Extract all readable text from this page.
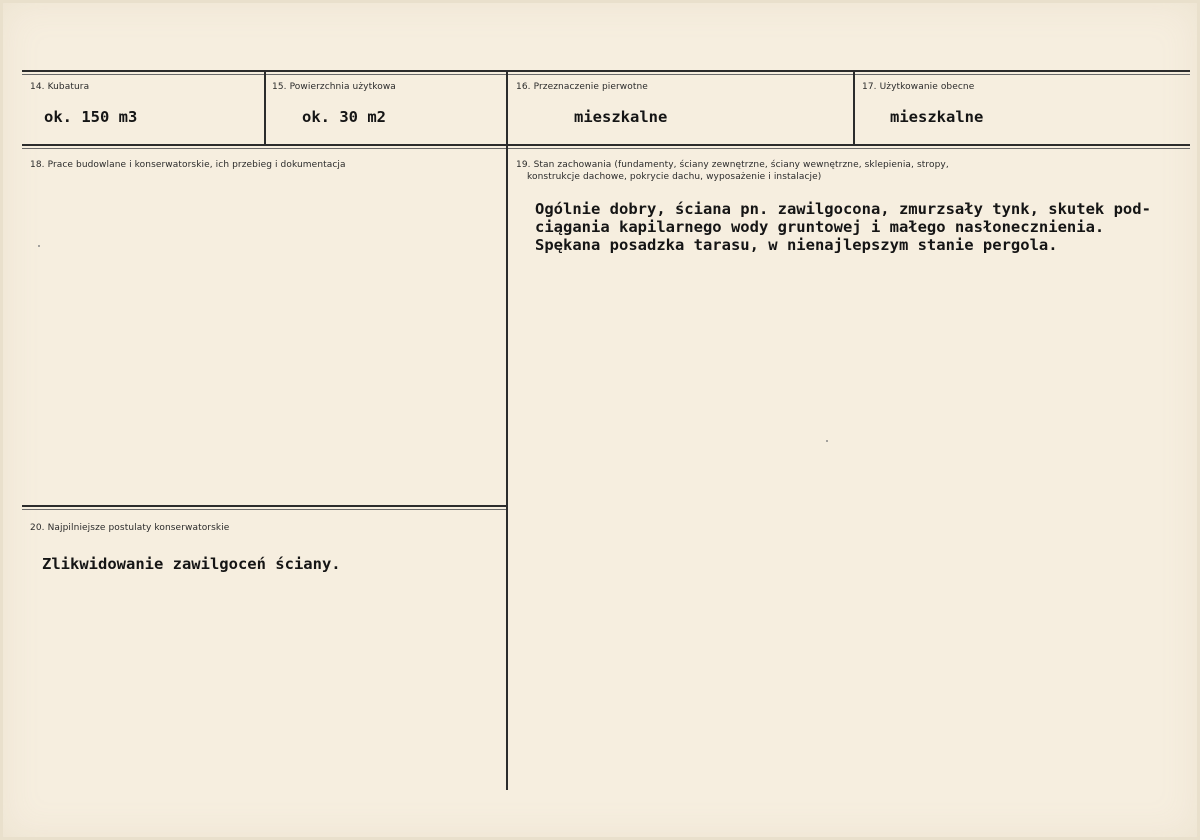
14. Kubatura
ok. 150 m3
15. Powierzchnia użytkowa
ok. 30 m2
16. Przeznaczenie pierwotne
mieszkalne
17. Użytkowanie obecne
mieszkalne
18. Prace budowlane i konserwatorskie, ich przebieg i dokumentacja	19. Stan zachowania (fundamenty, ściany zewnętrzne, ściany wewnętrzne, sklepienia, stropy,
konstrukcje dachowe, pokrycie dachu, wyposażenie i instalacje)
Ogólnie dobry, ściana pn. zawilgocona, zmurzsały tynk, skutek pod-
ciągania kapilarnego wody gruntowej i małego nasłonecznienia.
Spękana posadzka tarasu, w nienajlepszym stanie pergola.
20. Najpilniejsze postulaty konserwatorskie
Zlikwidowanie zawilgoceń ściany.
